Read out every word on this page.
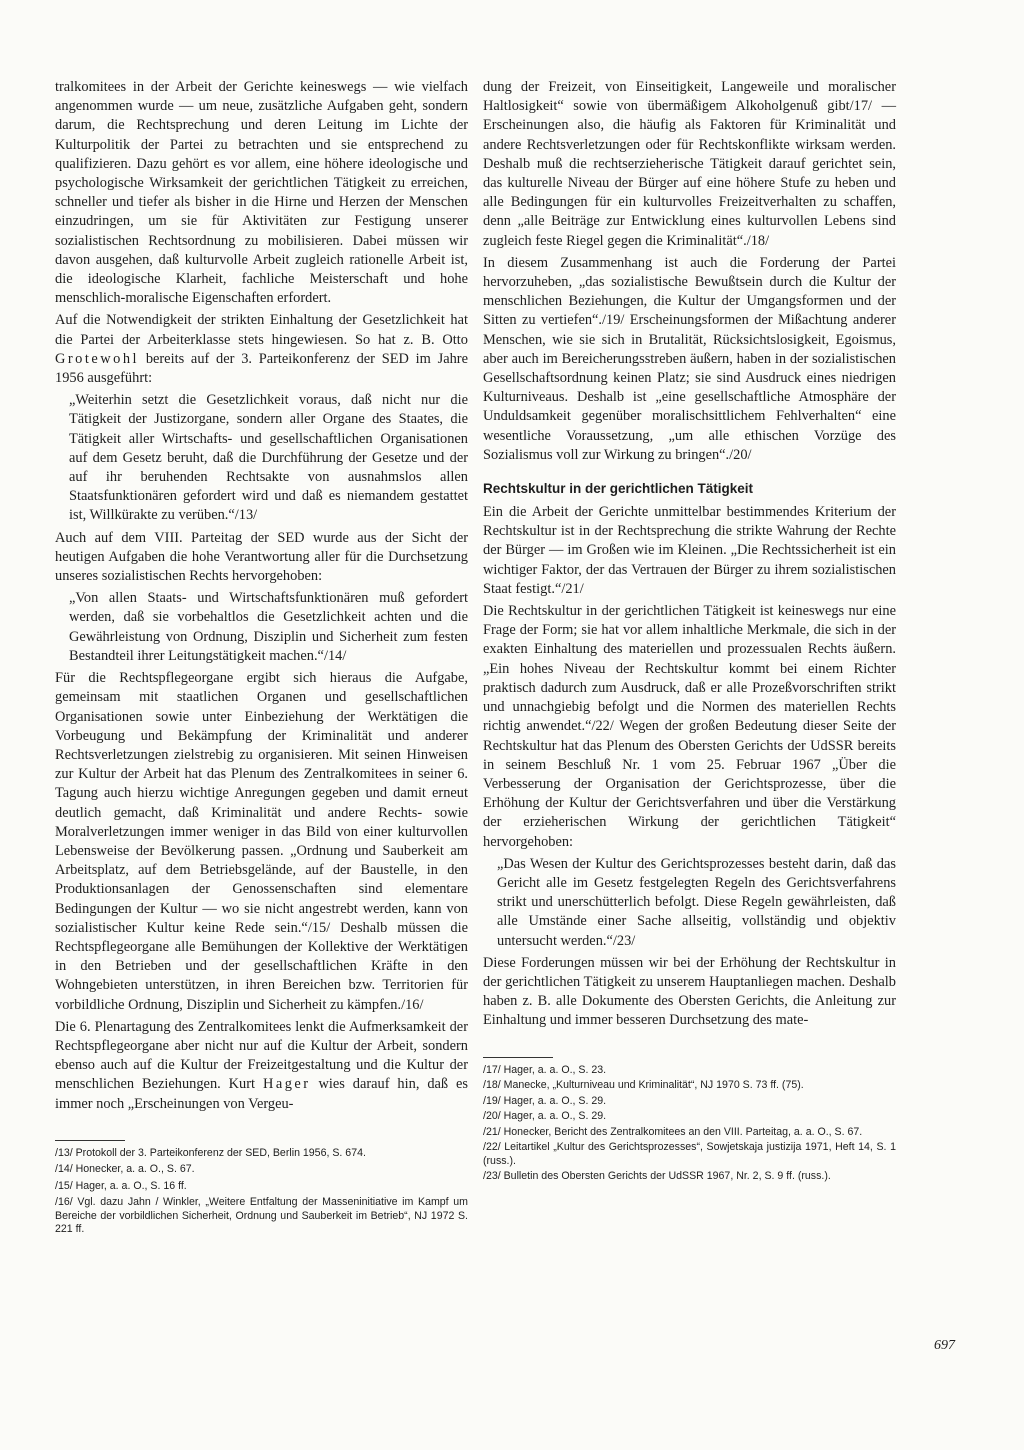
tralkomitees in der Arbeit der Gerichte keineswegs — wie vielfach angenommen wurde — um neue, zusätzliche Aufgaben geht, sondern darum, die Rechtsprechung und deren Leitung im Lichte der Kulturpolitik der Partei zu betrachten und sie entsprechend zu qualifizieren. Dazu gehört es vor allem, eine höhere ideologische und psychologische Wirksamkeit der gerichtlichen Tätigkeit zu erreichen, schneller und tiefer als bisher in die Hirne und Herzen der Menschen einzudringen, um sie für Aktivitäten zur Festigung unserer sozialistischen Rechtsordnung zu mobilisieren. Dabei müssen wir davon ausgehen, daß kulturvolle Arbeit zugleich rationelle Arbeit ist, die ideologische Klarheit, fachliche Meisterschaft und hohe menschlich-moralische Eigenschaften erfordert.

Auf die Notwendigkeit der strikten Einhaltung der Gesetzlichkeit hat die Partei der Arbeiterklasse stets hingewiesen. So hat z. B. Otto Grotewohl bereits auf der 3. Parteikonferenz der SED im Jahre 1956 ausgeführt:

„Weiterhin setzt die Gesetzlichkeit voraus, daß nicht nur die Tätigkeit der Justizorgane, sondern aller Organe des Staates, die Tätigkeit aller Wirtschafts- und gesellschaftlichen Organisationen auf dem Gesetz beruht, daß die Durchführung der Gesetze und der auf ihr beruhenden Rechtsakte von ausnahmslos allen Staatsfunktionären gefordert wird und daß es niemandem gestattet ist, Willkürakte zu verüben.“/13/

Auch auf dem VIII. Parteitag der SED wurde aus der Sicht der heutigen Aufgaben die hohe Verantwortung aller für die Durchsetzung unseres sozialistischen Rechts hervorgehoben:

„Von allen Staats- und Wirtschaftsfunktionären muß gefordert werden, daß sie vorbehaltlos die Gesetzlichkeit achten und die Gewährleistung von Ordnung, Disziplin und Sicherheit zum festen Bestandteil ihrer Leitungstätigkeit machen.“/14/

Für die Rechtspflegeorgane ergibt sich hieraus die Aufgabe, gemeinsam mit staatlichen Organen und gesellschaftlichen Organisationen sowie unter Einbeziehung der Werktätigen die Vorbeugung und Bekämpfung der Kriminalität und anderer Rechtsverletzungen zielstrebig zu organisieren. Mit seinen Hinweisen zur Kultur der Arbeit hat das Plenum des Zentralkomitees in seiner 6. Tagung auch hierzu wichtige Anregungen gegeben und damit erneut deutlich gemacht, daß Kriminalität und andere Rechts- sowie Moralverletzungen immer weniger in das Bild von einer kulturvollen Lebensweise der Bevölkerung passen. „Ordnung und Sauberkeit am Arbeitsplatz, auf dem Betriebsgelände, auf der Baustelle, in den Produktionsanlagen der Genossenschaften sind elementare Bedingungen der Kultur — wo sie nicht angestrebt werden, kann von sozialistischer Kultur keine Rede sein.“/15/ Deshalb müssen die Rechtspflegeorgane alle Bemühungen der Kollektive der Werktätigen in den Betrieben und der gesellschaftlichen Kräfte in den Wohngebieten unterstützen, in ihren Bereichen bzw. Territorien für vorbildliche Ordnung, Disziplin und Sicherheit zu kämpfen./16/

Die 6. Plenartagung des Zentralkomitees lenkt die Aufmerksamkeit der Rechtspflegeorgane aber nicht nur auf die Kultur der Arbeit, sondern ebenso auch auf die Kultur der Freizeitgestaltung und die Kultur der menschlichen Beziehungen. Kurt Hager wies darauf hin, daß es immer noch „Erscheinungen von Vergeu-

/13/ Protokoll der 3. Parteikonferenz der SED, Berlin 1956, S. 674.

/14/ Honecker, a. a. O., S. 67.

/15/ Hager, a. a. O., S. 16 ff.

/16/ Vgl. dazu Jahn / Winkler, „Weitere Entfaltung der Masseninitiative im Kampf um Bereiche der vorbildlichen Sicherheit, Ordnung und Sauberkeit im Betrieb“, NJ 1972 S. 221 ff.

dung der Freizeit, von Einseitigkeit, Langeweile und moralischer Haltlosigkeit“ sowie von übermäßigem Alkoholgenuß gibt/17/ — Erscheinungen also, die häufig als Faktoren für Kriminalität und andere Rechtsverletzungen oder für Rechtskonflikte wirksam werden. Deshalb muß die rechtserzieherische Tätigkeit darauf gerichtet sein, das kulturelle Niveau der Bürger auf eine höhere Stufe zu heben und alle Bedingungen für ein kulturvolles Freizeitverhalten zu schaffen, denn „alle Beiträge zur Entwicklung eines kulturvollen Lebens sind zugleich feste Riegel gegen die Kriminalität“./18/

In diesem Zusammenhang ist auch die Forderung der Partei hervorzuheben, „das sozialistische Bewußtsein durch die Kultur der menschlichen Beziehungen, die Kultur der Umgangsformen und der Sitten zu vertiefen“./19/ Erscheinungsformen der Mißachtung anderer Menschen, wie sie sich in Brutalität, Rücksichtslosigkeit, Egoismus, aber auch im Bereicherungsstreben äußern, haben in der sozialistischen Gesellschaftsordnung keinen Platz; sie sind Ausdruck eines niedrigen Kulturniveaus. Deshalb ist „eine gesellschaftliche Atmosphäre der Unduldsamkeit gegenüber moralischsittlichem Fehlverhalten“ eine wesentliche Voraussetzung, „um alle ethischen Vorzüge des Sozialismus voll zur Wirkung zu bringen“./20/

Rechtskultur in der gerichtlichen Tätigkeit

Ein die Arbeit der Gerichte unmittelbar bestimmendes Kriterium der Rechtskultur ist in der Rechtsprechung die strikte Wahrung der Rechte der Bürger — im Großen wie im Kleinen. „Die Rechtssicherheit ist ein wichtiger Faktor, der das Vertrauen der Bürger zu ihrem sozialistischen Staat festigt.“/21/

Die Rechtskultur in der gerichtlichen Tätigkeit ist keineswegs nur eine Frage der Form; sie hat vor allem inhaltliche Merkmale, die sich in der exakten Einhaltung des materiellen und prozessualen Rechts äußern. „Ein hohes Niveau der Rechtskultur kommt bei einem Richter praktisch dadurch zum Ausdruck, daß er alle Prozeßvorschriften strikt und unnachgiebig befolgt und die Normen des materiellen Rechts richtig anwendet.“/22/ Wegen der großen Bedeutung dieser Seite der Rechtskultur hat das Plenum des Obersten Gerichts der UdSSR bereits in seinem Beschluß Nr. 1 vom 25. Februar 1967 „Über die Verbesserung der Organisation der Gerichtsprozesse, über die Erhöhung der Kultur der Gerichtsverfahren und über die Verstärkung der erzieherischen Wirkung der gerichtlichen Tätigkeit“ hervorgehoben:

„Das Wesen der Kultur des Gerichtsprozesses besteht darin, daß das Gericht alle im Gesetz festgelegten Regeln des Gerichtsverfahrens strikt und unerschütterlich befolgt. Diese Regeln gewährleisten, daß alle Umstände einer Sache allseitig, vollständig und objektiv untersucht werden.“/23/

Diese Forderungen müssen wir bei der Erhöhung der Rechtskultur in der gerichtlichen Tätigkeit zu unserem Hauptanliegen machen. Deshalb haben z. B. alle Dokumente des Obersten Gerichts, die Anleitung zur Einhaltung und immer besseren Durchsetzung des mate-

/17/ Hager, a. a. O., S. 23.

/18/ Manecke, „Kulturniveau und Kriminalität“, NJ 1970 S. 73 ff. (75).

/19/ Hager, a. a. O., S. 29.

/20/ Hager, a. a. O., S. 29.

/21/ Honecker, Bericht des Zentralkomitees an den VIII. Parteitag, a. a. O., S. 67.

/22/ Leitartikel „Kultur des Gerichtsprozesses“, Sowjetskaja justizija 1971, Heft 14, S. 1 (russ.).

/23/ Bulletin des Obersten Gerichts der UdSSR 1967, Nr. 2, S. 9 ff. (russ.).

697
